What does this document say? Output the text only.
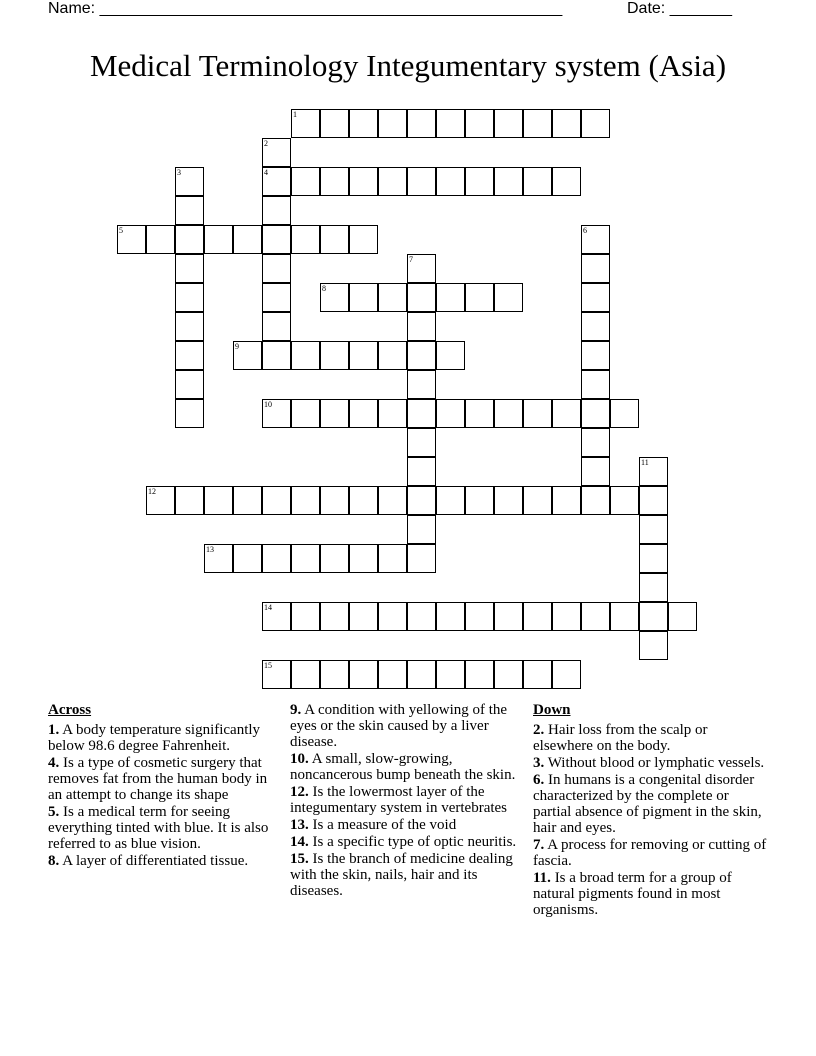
Name: ____________________________________________________	Date: _______
Medical Terminology Integumentary system (Asia)
1
2
4
3
5	6
7
8
9
10
11
12
13
14
15
Across
1. A body temperature significantly below 98.6 degree Fahrenheit.
4. Is a type of cosmetic surgery that removes fat from the human body in an attempt to change its shape
5. Is a medical term for seeing everything tinted with blue. It is also referred to as blue vision.
8. A layer of differentiated tissue.
9. A condition with yellowing of the eyes or the skin caused by a liver disease.
10. A small, slow-growing, noncancerous bump beneath the skin.
12. Is the lowermost layer of the integumentary system in vertebrates
13. Is a measure of the void
14. Is a specific type of optic neuritis.
15. Is the branch of medicine dealing with the skin, nails, hair and its diseases.
Down
2. Hair loss from the scalp or elsewhere on the body.
3. Without blood or lymphatic vessels.
6. In humans is a congenital disorder characterized by the complete or partial absence of pigment in the skin, hair and eyes.
7. A process for removing or cutting of fascia.
11. Is a broad term for a group of natural pigments found in most organisms.
